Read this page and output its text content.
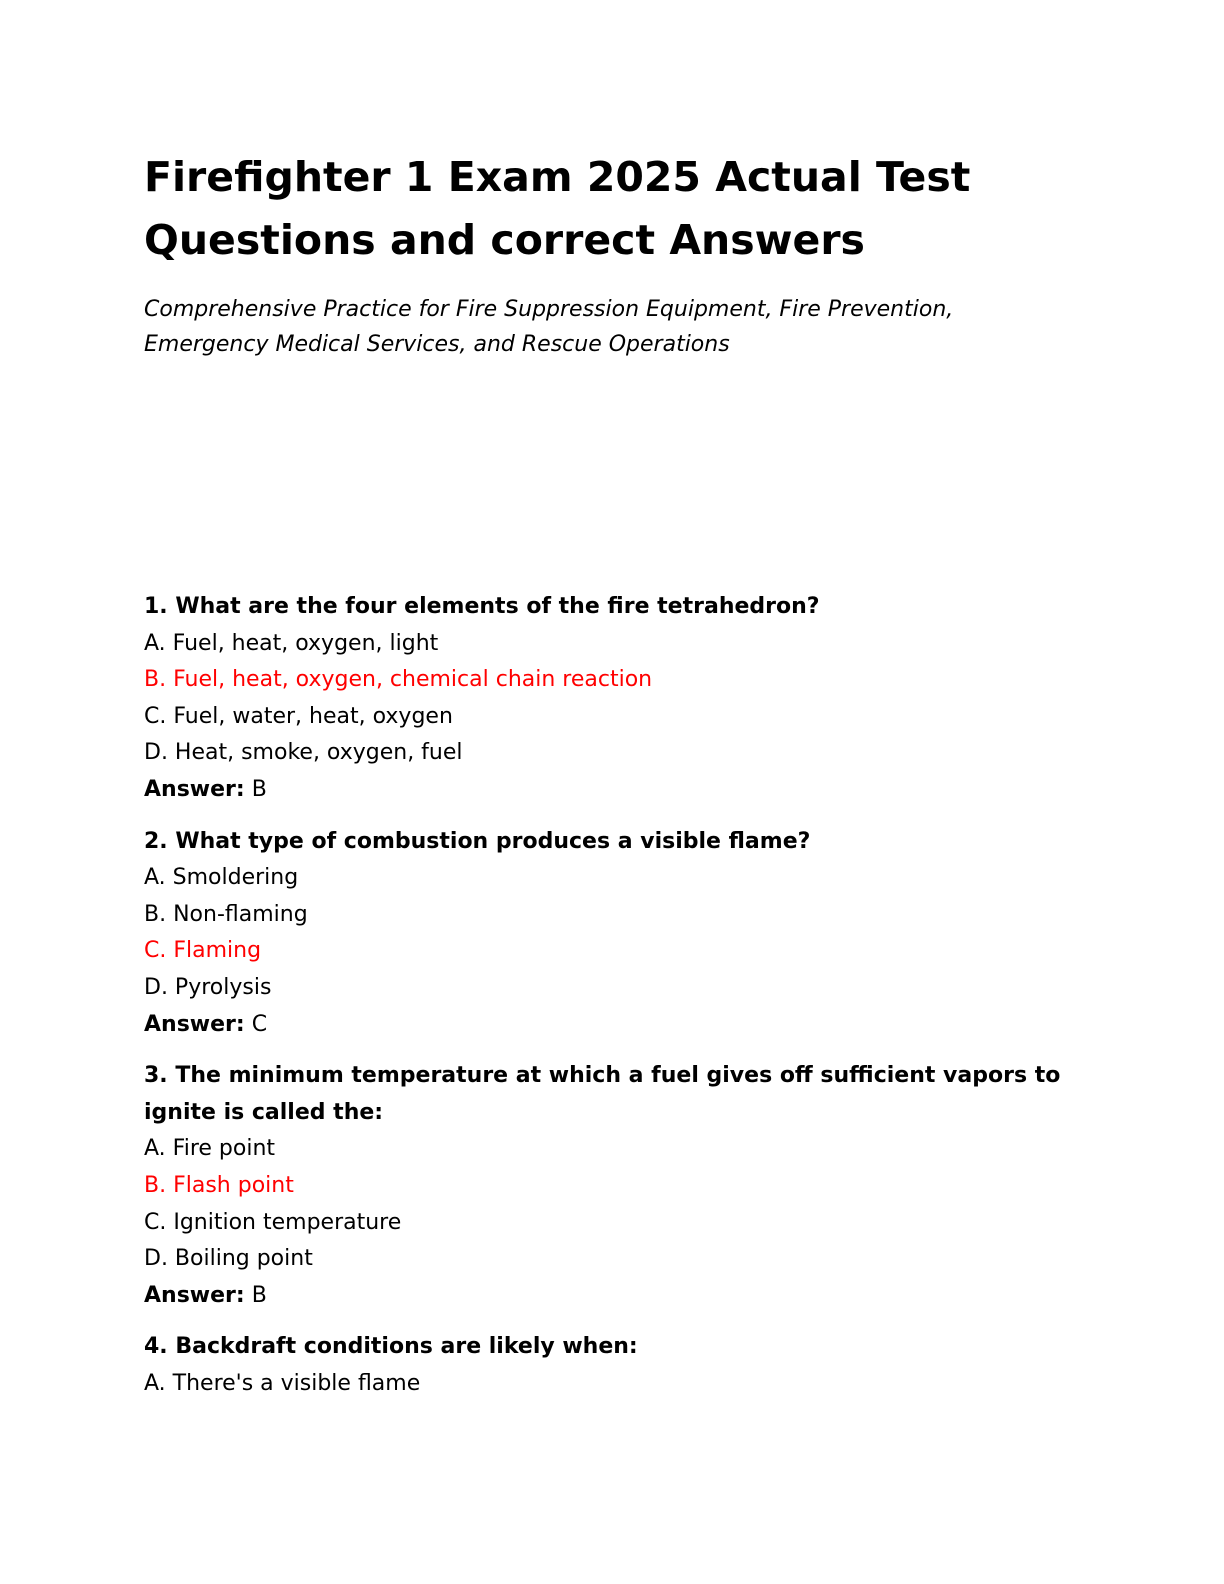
Firefighter 1 Exam 2025 Actual Test
Questions and correct Answers

Comprehensive Practice for Fire Suppression Equipment, Fire Prevention,
Emergency Medical Services, and Rescue Operations

1. What are the four elements of the fire tetrahedron?
A. Fuel, heat, oxygen, light
B. Fuel, heat, oxygen, chemical chain reaction
C. Fuel, water, heat, oxygen
D. Heat, smoke, oxygen, fuel
Answer: B
2. What type of combustion produces a visible flame?
A. Smoldering
B. Non-flaming
C. Flaming
D. Pyrolysis
Answer: C
3. The minimum temperature at which a fuel gives off sufficient vapors to ignite is called the:
A. Fire point
B. Flash point
C. Ignition temperature
D. Boiling point
Answer: B
4. Backdraft conditions are likely when:
A. There's a visible flame
